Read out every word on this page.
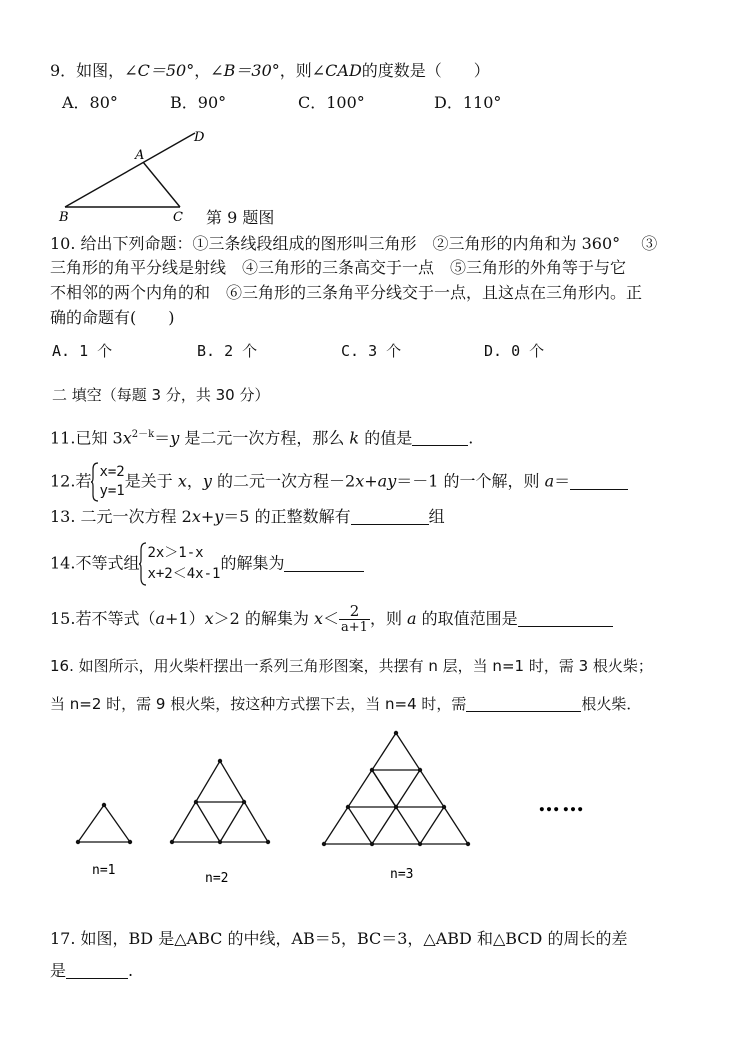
9．如图，∠C＝50°，∠B＝30°，则∠CAD的度数是（　　）
A．80°	B．90°	C．100°	D．110°
D
A
B	C 第 9 题图
10. 给出下列命题：①三条线段组成的图形叫三角形　②三角形的内角和为 360°　 ③
三角形的角平分线是射线　④三角形的三条高交于一点　⑤三角形的外角等于与它
不相邻的两个内角的和　⑥三角形的三条角平分线交于一点，且这点在三角形内。正
确的命题有(　　)
A. 1 个	B. 2 个	C. 3 个	D. 0 个
二 填空（每题 3 分，共 30 分）
11.已知 $3x^{2-k}=y$ 是二元一次方程，那么 k 的值是	.
12.若 x=2
y=1
是关于 x，y 的二元一次方程－2x+ay＝－1 的一个解，则 a＝
13. 二元一次方程 2x+y＝5 的正整数解有	组
14.不等式组
2x＞1-x
x+2＜4x-1
的解集为
15.若不等式（a+1）x＞2 的解集为 $x< \frac{2}{a+1}$ ，则 a 的取值范围是
16. 如图所示，用火柴杆摆出一系列三角形图案，共摆有 n 层，当 n=1 时，需 3 根火柴；
当 n=2 时，需 9 根火柴，按这种方式摆下去，当 n=4 时，需	根火柴．
……
n=1
n=2	n=3
17. 如图，BD 是△ABC 的中线，AB＝5，BC＝3，△ABD 和△BCD 的周长的差
是	.
